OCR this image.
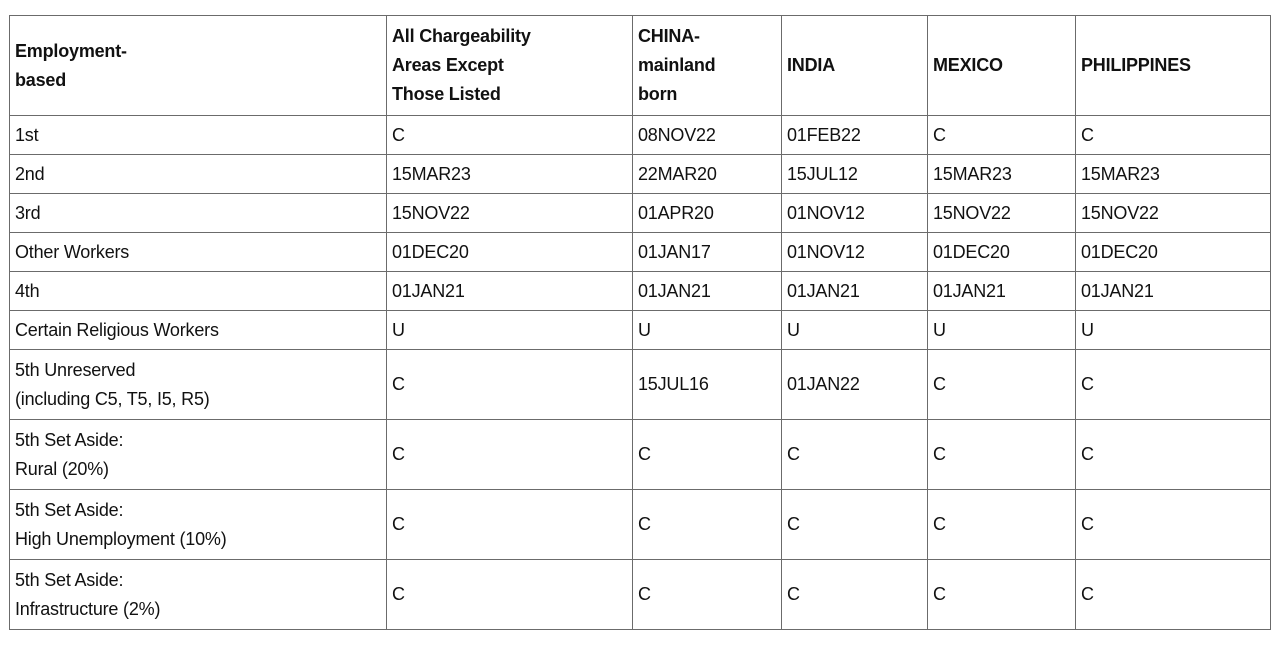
Employment-
based	All Chargeability
Areas Except
Those Listed	CHINA-
mainland
born	INDIA	MEXICO	PHILIPPINES

1st	C	08NOV22	01FEB22	C	C

2nd	15MAR23	22MAR20	15JUL12	15MAR23	15MAR23

3rd	15NOV22	01APR20	01NOV12	15NOV22	15NOV22

Other Workers	01DEC20	01JAN17	01NOV12	01DEC20	01DEC20

4th	01JAN21	01JAN21	01JAN21	01JAN21	01JAN21

Certain Religious Workers	U	U	U	U	U

5th Unreserved
(including C5, T5, I5, R5)	C	15JUL16	01JAN22	C	C

5th Set Aside:
Rural (20%)	C	C	C	C	C

5th Set Aside:
High Unemployment (10%)	C	C	C	C	C

5th Set Aside:
Infrastructure (2%)	C	C	C	C	C
